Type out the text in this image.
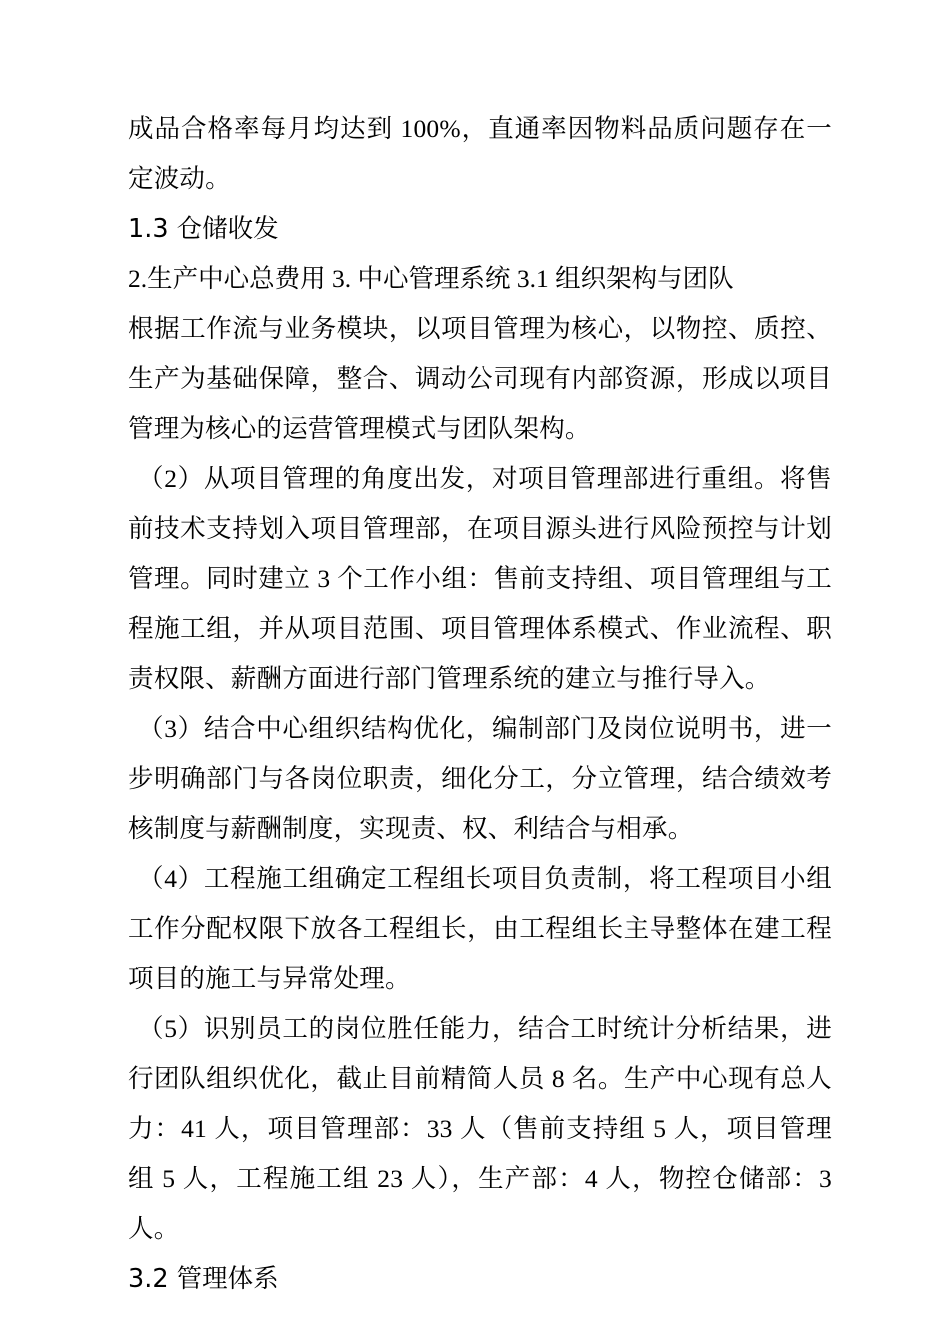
成品合格率每月均达到 100%，直通率因物料品质问题存在一定波动。

1.3 仓储收发

2.生产中心总费用 3. 中心管理系统 3.1 组织架构与团队

根据工作流与业务模块，以项目管理为核心，以物控、质控、生产为基础保障，整合、调动公司现有内部资源，形成以项目管理为核心的运营管理模式与团队架构。

（2）从项目管理的角度出发，对项目管理部进行重组。将售前技术支持划入项目管理部，在项目源头进行风险预控与计划管理。同时建立 3 个工作小组：售前支持组、项目管理组与工程施工组，并从项目范围、项目管理体系模式、作业流程、职责权限、薪酬方面进行部门管理系统的建立与推行导入。

（3）结合中心组织结构优化，编制部门及岗位说明书，进一步明确部门与各岗位职责，细化分工，分立管理，结合绩效考核制度与薪酬制度，实现责、权、利结合与相承。

（4）工程施工组确定工程组长项目负责制，将工程项目小组工作分配权限下放各工程组长，由工程组长主导整体在建工程项目的施工与异常处理。

（5）识别员工的岗位胜任能力，结合工时统计分析结果，进行团队组织优化，截止目前精简人员 8 名。生产中心现有总人力：41 人，项目管理部：33 人（售前支持组 5 人，项目管理组 5 人，工程施工组 23 人），生产部：4 人，物控仓储部：3 人。

3.2 管理体系
